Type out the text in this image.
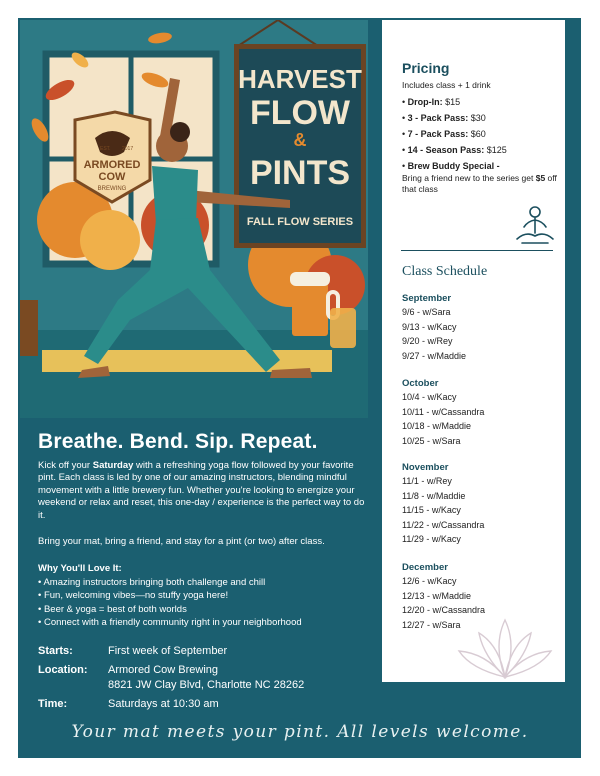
HARVEST
FLOW
&
PINTS
FALL FLOW SERIES
EST. 2017
ARMORED
COW
BREWING
Pricing
Includes class + 1 drink
• Drop-In: $15
• 3 - Pack Pass: $30
• 7 - Pack Pass: $60
• 14 - Season Pass: $125
• Brew Buddy Special -
Bring a friend new to the series get $5 off that class
Class Schedule
September
9/6 - w/Sara
9/13 - w/Kacy
9/20 - w/Rey
9/27 - w/Maddie
October
10/4 - w/Kacy
10/11 - w/Cassandra
10/18 - w/Maddie
10/25 - w/Sara
November
11/1 - w/Rey
11/8 - w/Maddie
11/15 - w/Kacy
11/22 - w/Cassandra
11/29 - w/Kacy
December
12/6 - w/Kacy
12/13 - w/Maddie
12/20 - w/Cassandra
12/27 - w/Sara
Breathe. Bend. Sip. Repeat.
Kick off your Saturday with a refreshing yoga flow followed by your favorite pint. Each class is led by one of our amazing instructors, blending mindful movement with a little brewery fun. Whether you're looking to energize your weekend or relax and reset, this one-day / experience is the perfect way to do it.
Bring your mat, bring a friend, and stay for a pint (or two) after class.
Why You'll Love It:
• Amazing instructors bringing both challenge and chill
• Fun, welcoming vibes—no stuffy yoga here!
• Beer & yoga = best of both worlds
• Connect with a friendly community right in your neighborhood
Starts:	First week of September
Location: Armored Cow Brewing
8821 JW Clay Blvd, Charlotte NC 28262
Time:	Saturdays at 10:30 am
Your mat meets your pint. All levels welcome.
